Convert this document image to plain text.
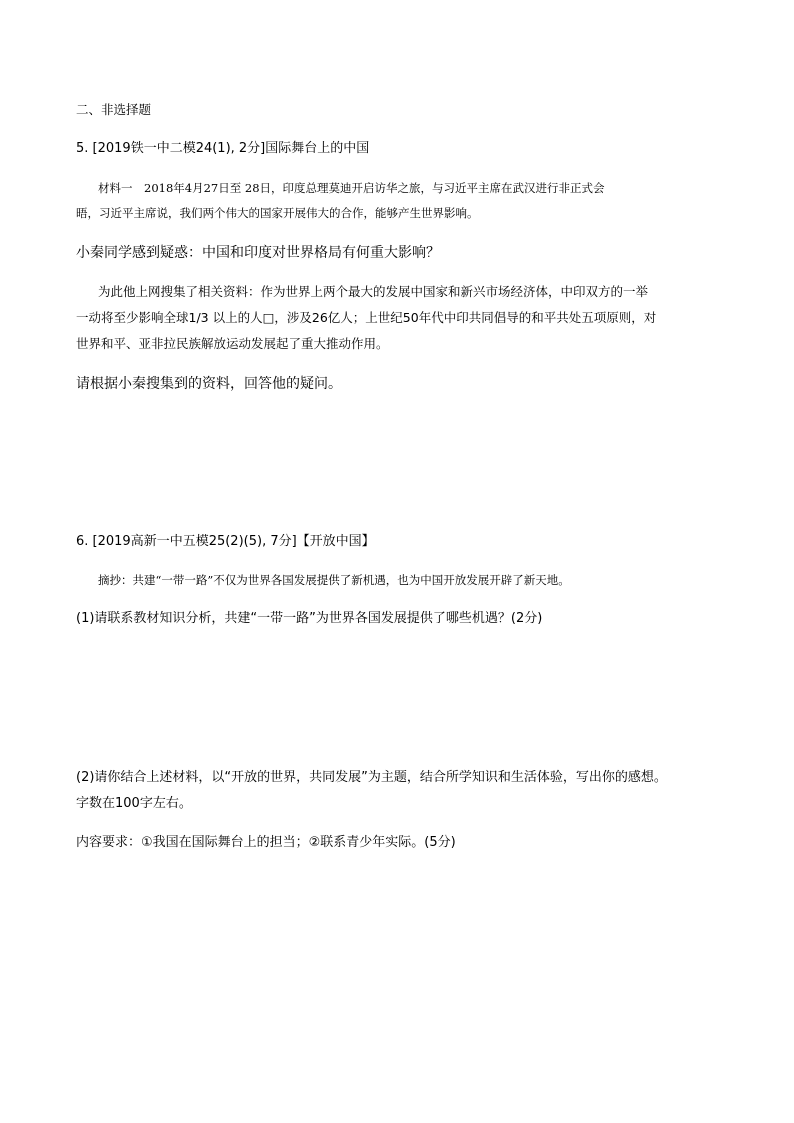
二、非选择题
5. [2019铁一中二模24(1), 2分]国际舞台上的中国
材料一　2018年4月27日至 28日，印度总理莫迪开启访华之旅，与习近平主席在武汉进行非正式会
晤，习近平主席说，我们两个伟大的国家开展伟大的合作，能够产生世界影响。
小秦同学感到疑惑：中国和印度对世界格局有何重大影响？
为此他上网搜集了相关资料：作为世界上两个最大的发展中国家和新兴市场经济体，中印双方的一举
一动将至少影响全球1/3 以上的人□，涉及26亿人；上世纪50年代中印共同倡导的和平共处五项原则，对
世界和平、亚非拉民族解放运动发展起了重大推动作用。
请根据小秦搜集到的资料，回答他的疑问。
6. [2019高新一中五模25(2)(5), 7分]【开放中国】
摘抄：共建“一带一路”不仅为世界各国发展提供了新机遇，也为中国开放发展开辟了新天地。
(1)请联系教材知识分析，共建“一带一路”为世界各国发展提供了哪些机遇？(2分)
(2)请你结合上述材料，以“开放的世界，共同发展”为主题，结合所学知识和生活体验，写出你的感想。
字数在100字左右。
内容要求：①我国在国际舞台上的担当；②联系青少年实际。(5分)
